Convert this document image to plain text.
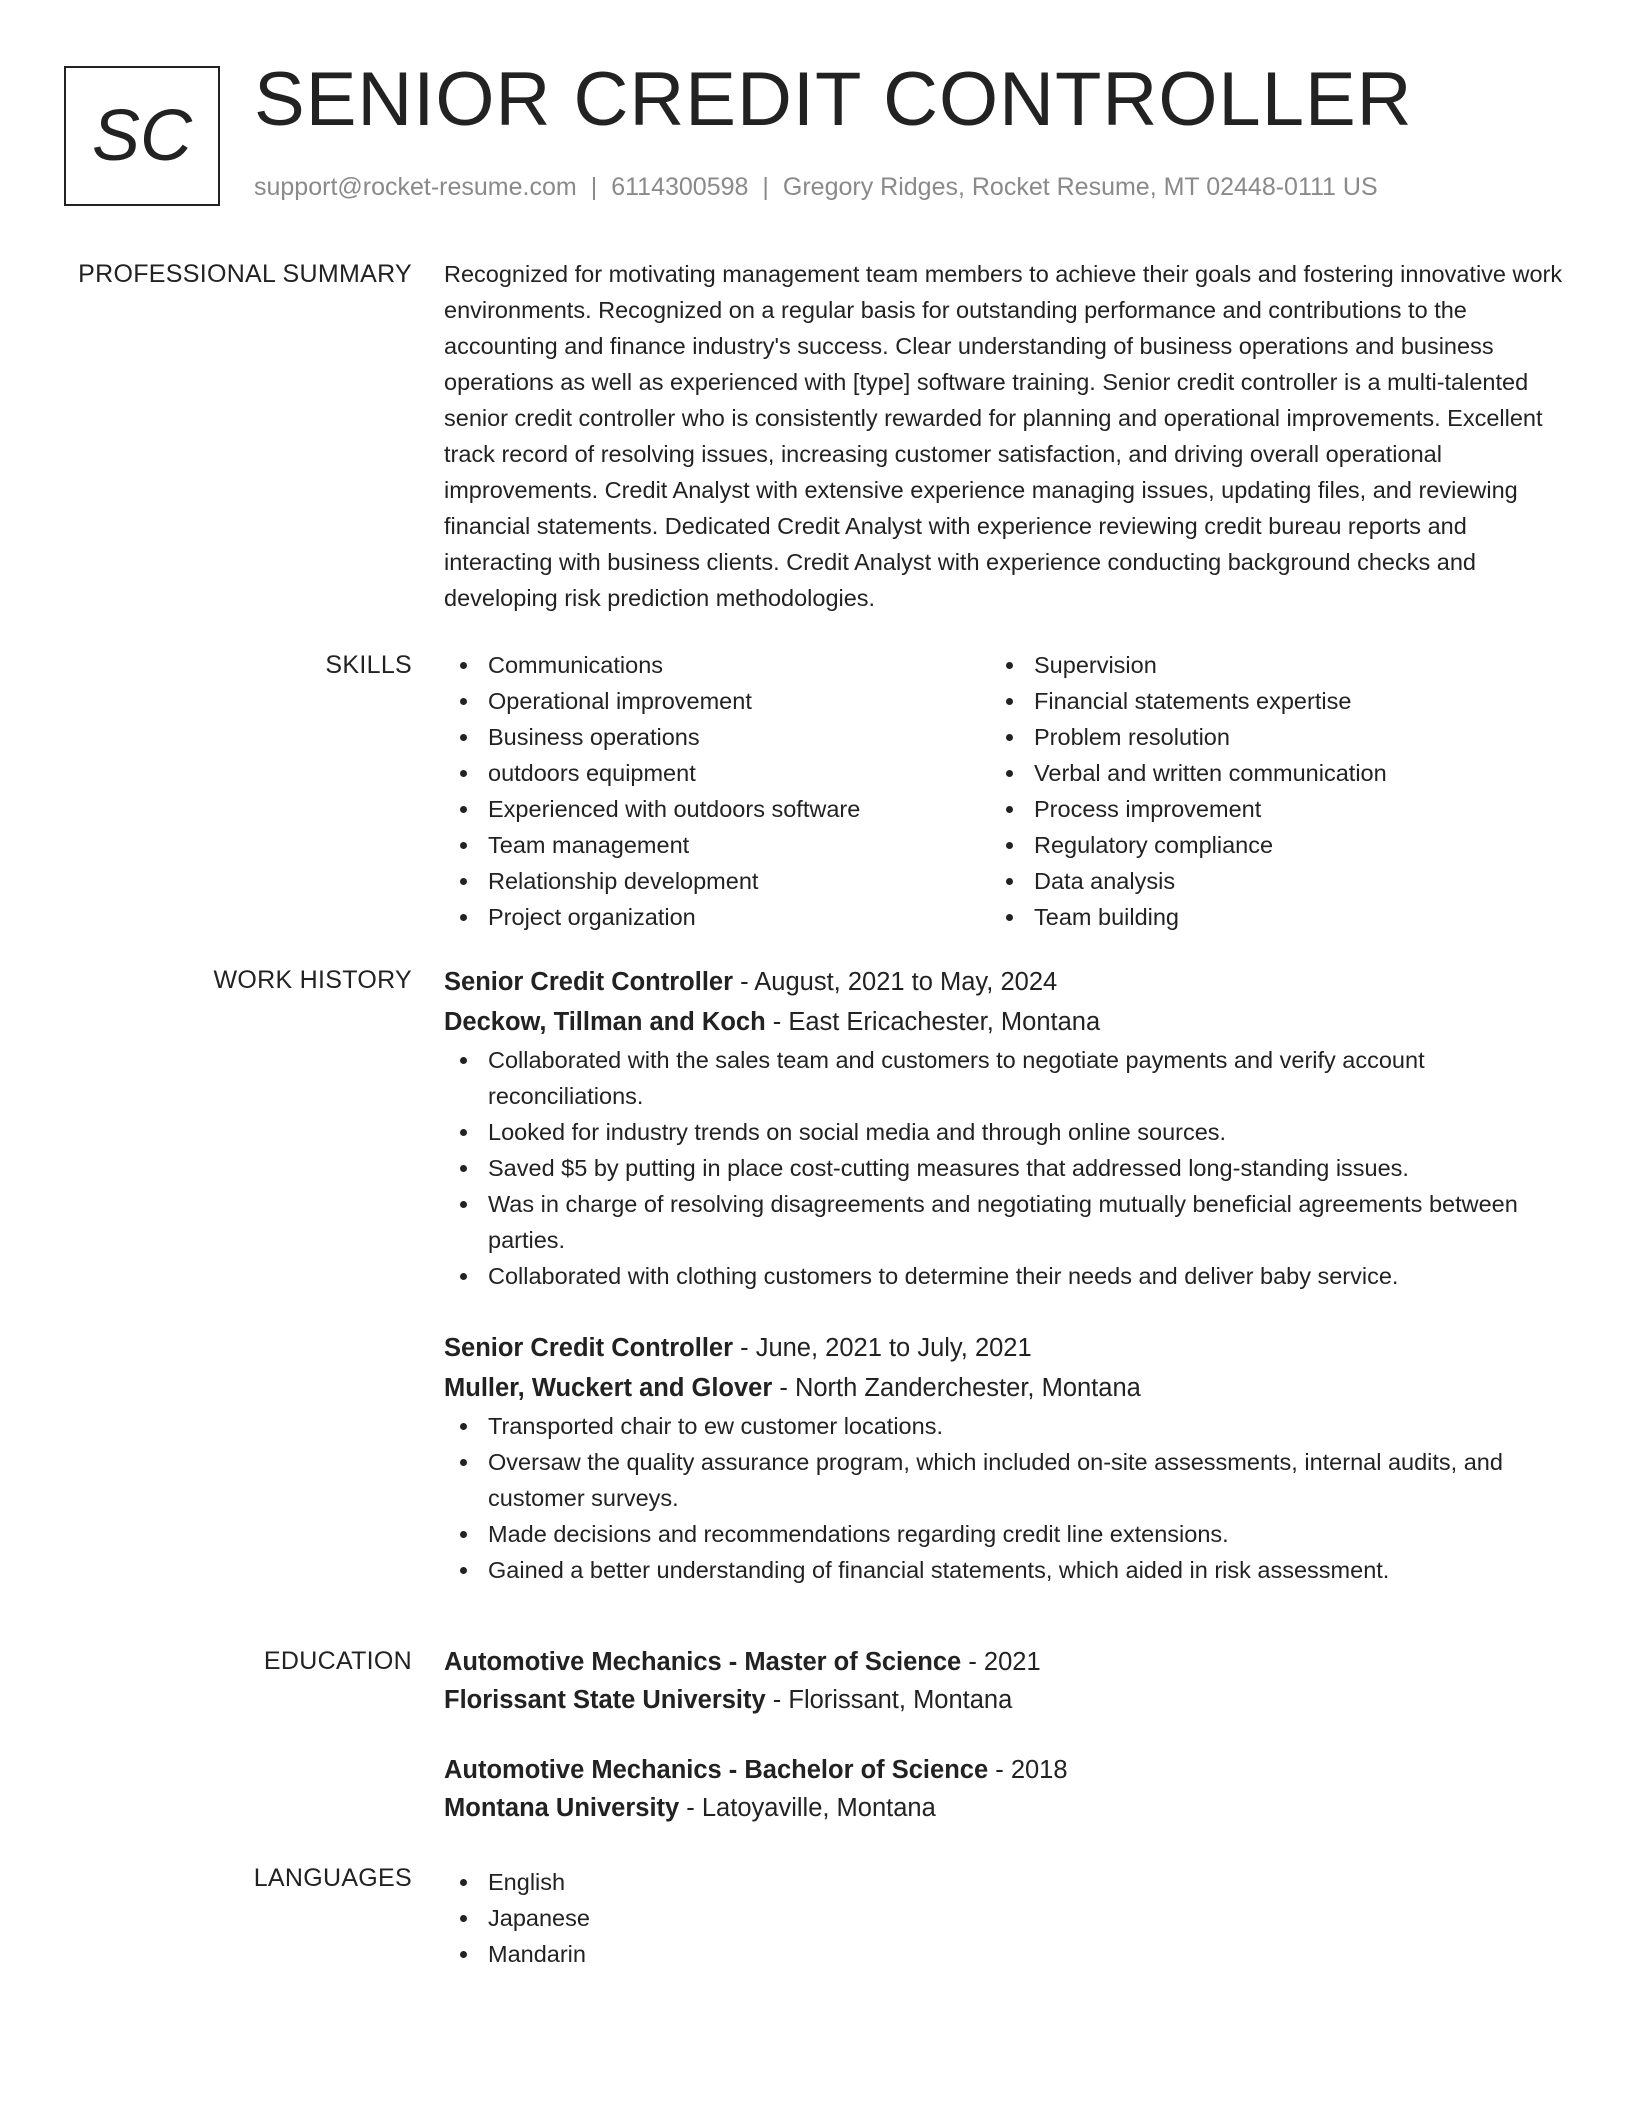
SC SENIOR CREDIT CONTROLLER
support@rocket-resume.com | 6114300598 | Gregory Ridges, Rocket Resume, MT 02448-0111 US
PROFESSIONAL SUMMARY Recognized for motivating management team members to achieve their goals and fostering innovative work environments. Recognized on a regular basis for outstanding performance and contributions to the accounting and finance industry's success. Clear understanding of business operations and business operations as well as experienced with [type] software training. Senior credit controller is a multi-talented senior credit controller who is consistently rewarded for planning and operational improvements. Excellent track record of resolving issues, increasing customer satisfaction, and driving overall operational improvements. Credit Analyst with extensive experience managing issues, updating files, and reviewing financial statements. Dedicated Credit Analyst with experience reviewing credit bureau reports and interacting with business clients. Credit Analyst with experience conducting background checks and developing risk prediction methodologies.

SKILLS	Communications
Operational improvement
Business operations
outdoors equipment
Experienced with outdoors software
Team management
Relationship development
Project organization
Supervision
Financial statements expertise
Problem resolution
Verbal and written communication
Process improvement
Regulatory compliance
Data analysis
Team building
WORK HISTORY Senior Credit Controller - August, 2021 to May, 2024
Deckow, Tillman and Koch - East Ericachester, Montana
Collaborated with the sales team and customers to negotiate payments and verify account reconciliations.
Looked for industry trends on social media and through online sources.
Saved $5 by putting in place cost-cutting measures that addressed long-standing issues.
Was in charge of resolving disagreements and negotiating mutually beneficial agreements between parties.
Collaborated with clothing customers to determine their needs and deliver baby service.
Senior Credit Controller - June, 2021 to July, 2021
Muller, Wuckert and Glover - North Zanderchester, Montana
Transported chair to ew customer locations.
Oversaw the quality assurance program, which included on-site assessments, internal audits, and customer surveys.
Made decisions and recommendations regarding credit line extensions.
Gained a better understanding of financial statements, which aided in risk assessment.
EDUCATION Automotive Mechanics - Master of Science - 2021
Florissant State University - Florissant, Montana
Automotive Mechanics - Bachelor of Science - 2018
Montana University - Latoyaville, Montana
LANGUAGES	English
Japanese
Mandarin
